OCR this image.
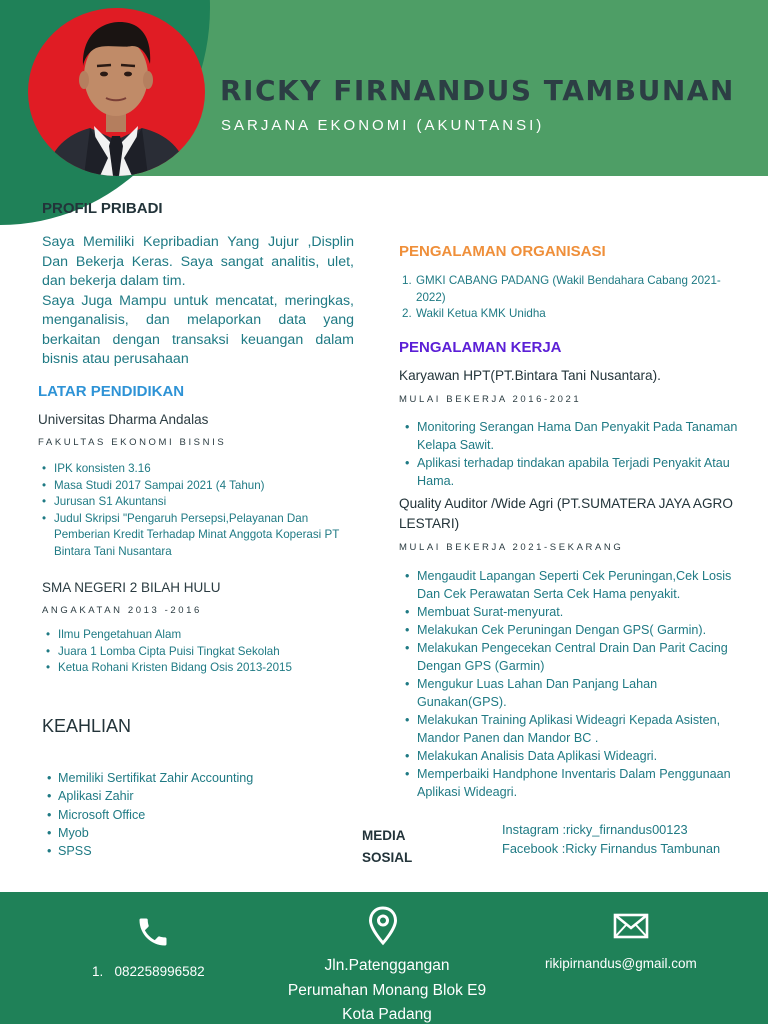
RICKY FIRNANDUS TAMBUNAN
SARJANA EKONOMI (AKUNTANSI)
PROFIL PRIBADI

Saya Memiliki Kepribadian Yang Jujur ,Displin Dan Bekerja Keras. Saya sangat analitis, ulet, dan bekerja dalam tim.

Saya Juga Mampu untuk mencatat, meringkas, menganalisis, dan melaporkan data yang berkaitan dengan transaksi keuangan dalam bisnis atau perusahaan

LATAR PENDIDIKAN
Universitas Dharma Andalas
FAKULTAS EKONOMI BISNIS
• IPK konsisten 3.16
• Masa Studi 2017 Sampai 2021 (4 Tahun)
• Jurusan S1 Akuntansi
• Judul Skripsi "Pengaruh Persepsi,Pelayanan Dan Pemberian Kredit Terhadap Minat Anggota Koperasi PT Bintara Tani Nusantara
SMA NEGERI 2 BILAH HULU
ANGAKATAN 2013 -2016
• Ilmu Pengetahuan Alam
• Juara 1 Lomba Cipta Puisi Tingkat Sekolah
• Ketua Rohani Kristen Bidang Osis 2013-2015
KEAHLIAN
• Memiliki Sertifikat Zahir Accounting
• Aplikasi Zahir
• Microsoft Office
• Myob
• SPSS
PENGALAMAN ORGANISASI
1. GMKI CABANG PADANG (Wakil Bendahara Cabang 2021-2022)
2. Wakil Ketua KMK Unidha
PENGALAMAN KERJA
Karyawan HPT(PT.Bintara Tani Nusantara).
MULAI BEKERJA 2016-2021
• Monitoring Serangan Hama Dan Penyakit Pada Tanaman Kelapa Sawit.
• Aplikasi terhadap tindakan apabila Terjadi Penyakit Atau Hama.
Quality Auditor /Wide Agri (PT.SUMATERA JAYA AGRO LESTARI)
MULAI BEKERJA 2021-SEKARANG
• Mengaudit Lapangan Seperti Cek Peruningan,Cek Losis Dan Cek Perawatan Serta Cek Hama penyakit.
• Membuat Surat-menyurat.
• Melakukan Cek Peruningan Dengan GPS( Garmin).
• Melakukan Pengecekan Central Drain Dan Parit Cacing Dengan GPS (Garmin)
• Mengukur Luas Lahan Dan Panjang Lahan Gunakan(GPS).
• Melakukan Training Aplikasi Wideagri Kepada Asisten, Mandor Panen dan Mandor BC .
• Melakukan Analisis Data Aplikasi Wideagri.
• Memperbaiki Handphone Inventaris Dalam Penggunaan Aplikasi Wideagri.
MEDIA SOSIAL
Instagram :ricky_firnandus00123
Facebook :Ricky Firnandus Tambunan
1. 082258996582	Jln.Patenggangan
Perumahan Monang Blok E9
Kota Padang
rikipirnandus@gmail.com
